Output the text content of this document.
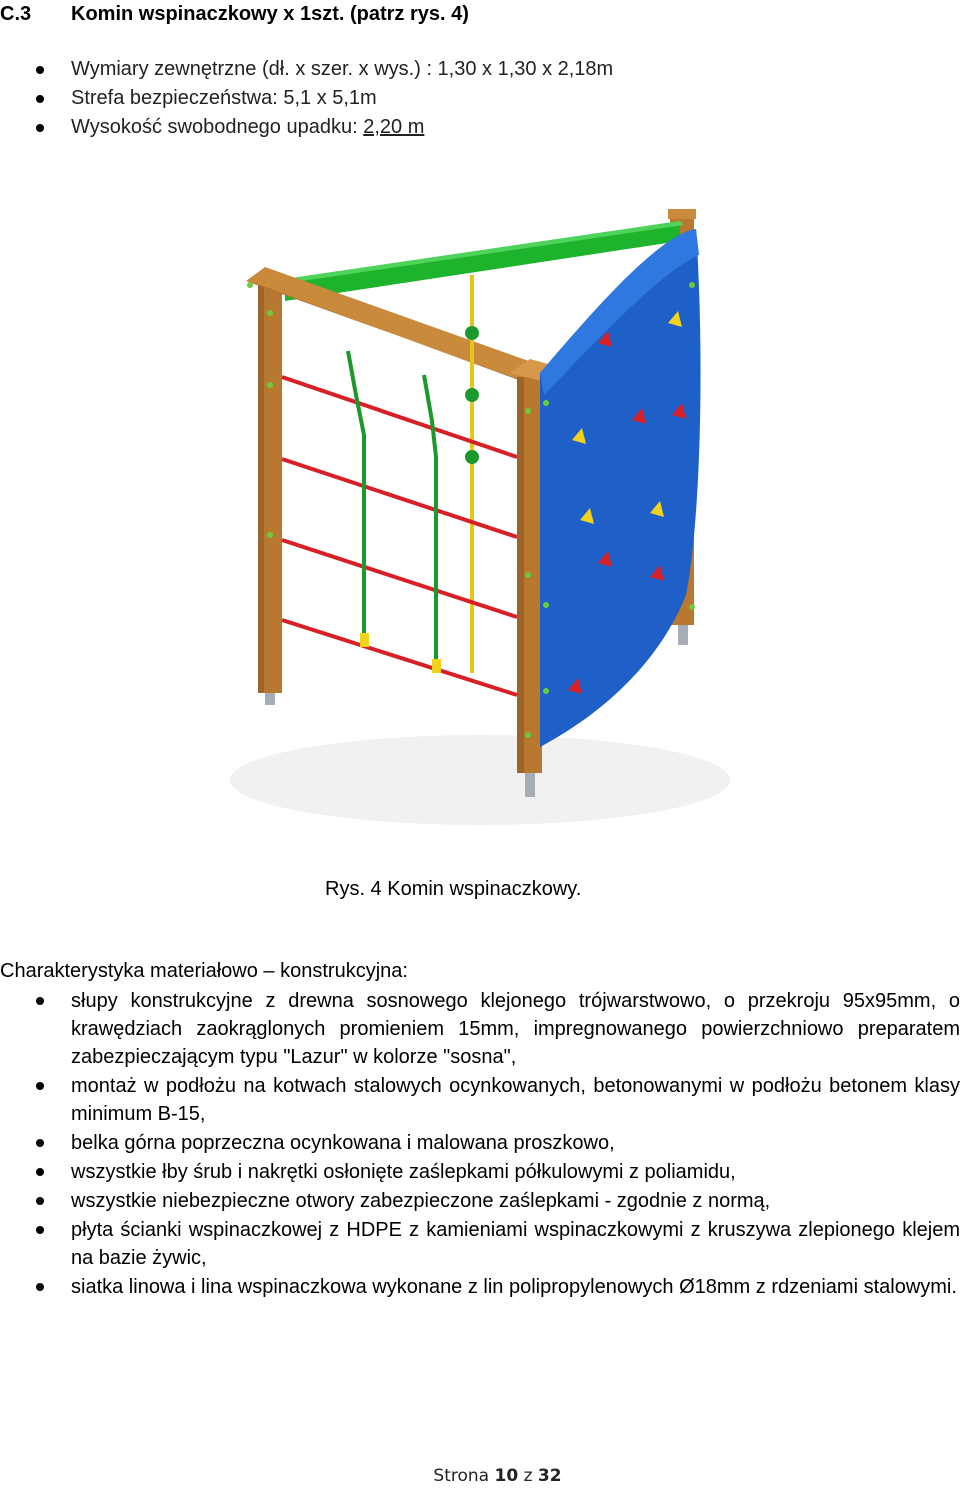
C.3 Komin wspinaczkowy x 1szt. (patrz rys. 4)
Wymiary zewnętrzne (dł. x szer. x wys.) : 1,30 x 1,30 x 2,18m
Strefa bezpieczeństwa: 5,1 x 5,1m
Wysokość swobodnego upadku: 2,20 m
Rys. 4 Komin wspinaczkowy.
Charakterystyka materiałowo – konstrukcyjna:
słupy konstrukcyjne z drewna sosnowego klejonego trójwarstwowo, o przekroju 95x95mm, o krawędziach zaokrąglonych promieniem 15mm, impregnowanego powierzchniowo preparatem zabezpieczającym typu "Lazur" w kolorze "sosna",
montaż w podłożu na kotwach stalowych ocynkowanych, betonowanymi w podłożu betonem klasy minimum B-15,
belka górna poprzeczna ocynkowana i malowana proszkowo,
wszystkie łby śrub i nakrętki osłonięte zaślepkami półkulowymi z poliamidu,
wszystkie niebezpieczne otwory zabezpieczone zaślepkami - zgodnie z normą,
płyta ścianki wspinaczkowej z HDPE z kamieniami wspinaczkowymi z kruszywa zlepionego klejem na bazie żywic,
siatka linowa i lina wspinaczkowa wykonane z lin polipropylenowych Ø18mm z rdzeniami stalowymi.
Strona 10 z 32
